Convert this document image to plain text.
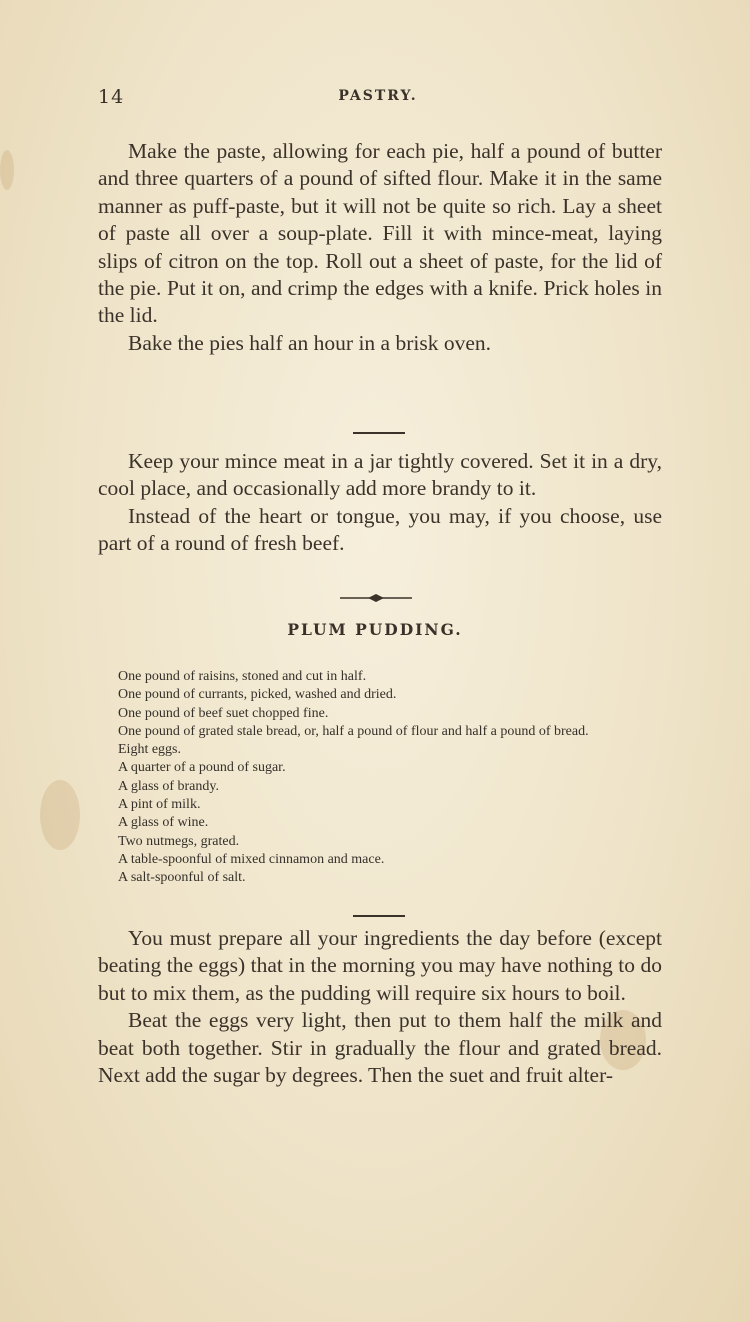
14	PASTRY.

Make the paste, allowing for each pie, half a pound of butter and three quarters of a pound of sifted flour. Make it in the same manner as puff-paste, but it will not be quite so rich. Lay a sheet of paste all over a soup-plate. Fill it with mince-meat, laying slips of citron on the top. Roll out a sheet of paste, for the lid of the pie. Put it on, and crimp the edges with a knife. Prick holes in the lid.

Bake the pies half an hour in a brisk oven.

Keep your mince meat in a jar tightly covered. Set it in a dry, cool place, and occasionally add more brandy to it.

Instead of the heart or tongue, you may, if you choose, use part of a round of fresh beef.

PLUM PUDDING.
One pound of raisins, stoned and cut in half.
One pound of currants, picked, washed and dried.
One pound of beef suet chopped fine.
One pound of grated stale bread, or, half a pound of flour and half a pound of bread.
Eight eggs.
A quarter of a pound of sugar.
A glass of brandy.
A pint of milk.
A glass of wine.
Two nutmegs, grated.
A table-spoonful of mixed cinnamon and mace.
A salt-spoonful of salt.

You must prepare all your ingredients the day before (except beating the eggs) that in the morning you may have nothing to do but to mix them, as the pudding will require six hours to boil.

Beat the eggs very light, then put to them half the milk and beat both together. Stir in gradually the flour and grated bread. Next add the sugar by degrees. Then the suet and fruit alter-
